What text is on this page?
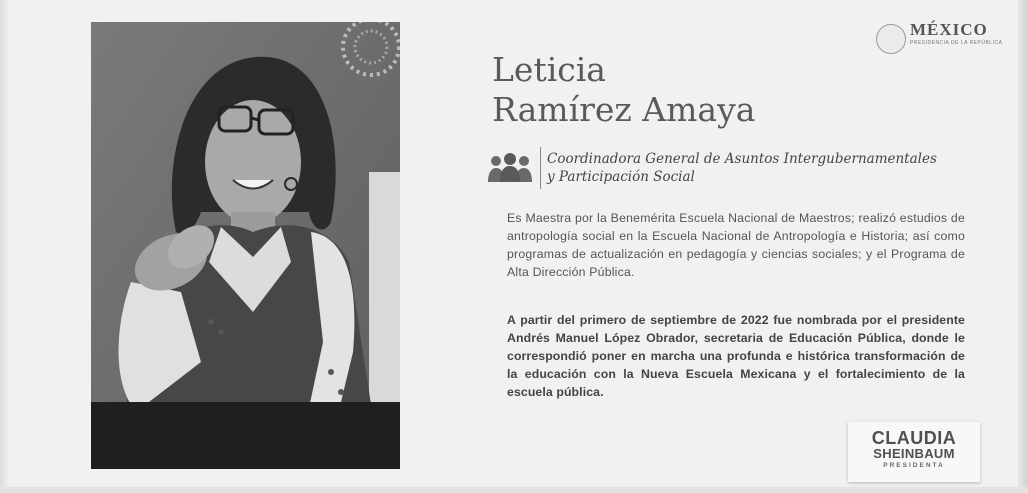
MÉXICO
PRESIDENCIA DE LA REPÚBLICA
Leticia
Ramírez Amaya
Coordinadora General de Asuntos Intergubernamentales
y Participación Social
Es Maestra por la Benemérita Escuela Nacional de Maestros; realizó estudios de antropología social en la Escuela Nacional de Antropología e Historia; así como programas de actualización en pedagogía y ciencias sociales; y el Programa de Alta Dirección Pública.
A partir del primero de septiembre de 2022 fue nombrada por el presidente Andrés Manuel López Obrador, secretaria de Educación Pública, donde le correspondió poner en marcha una profunda e histórica transformación de la educación con la Nueva Escuela Mexicana y el fortalecimiento de la escuela pública.
CLAUDIA
SHEINBAUM
PRESIDENTA
